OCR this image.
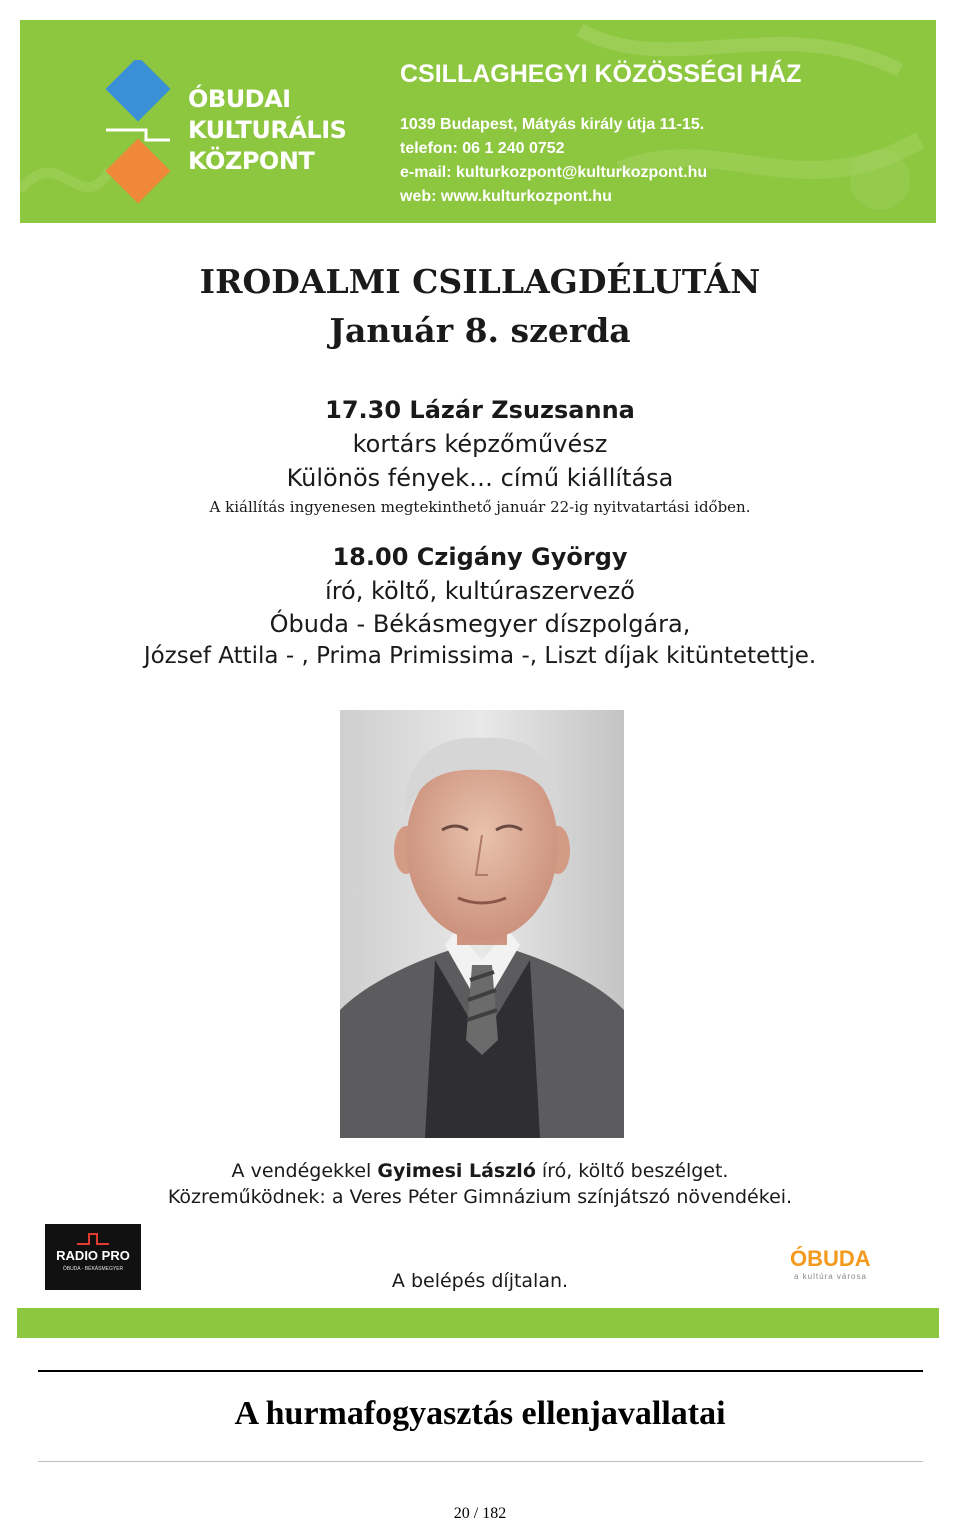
ÓBUDAI
KULTURÁLIS
KÖZPONT
CSILLAGHEGYI KÖZÖSSÉGI HÁZ
1039 Budapest, Mátyás király útja 11-15.
telefon: 06 1 240 0752
e-mail: kulturkozpont@kulturkozpont.hu
web: www.kulturkozpont.hu
IRODALMI CSILLAGDÉLUTÁN
Január 8. szerda
17.30 Lázár Zsuzsanna
kortárs képzőművész
Különös fények… című kiállítása
A kiállítás ingyenesen megtekinthető január 22-ig nyitvatartási időben.
18.00 Czigány György
író, költő, kultúraszervező
Óbuda - Békásmegyer díszpolgára,
József Attila - , Prima Primissima -, Liszt díjak kitüntetettje.
A vendégekkel Gyimesi László író, költő beszélget.
Közreműködnek: a Veres Péter Gimnázium színjátszó növendékei.
RADIO PRO
ÓBUDA - BÉKÁSMEGYER
A belépés díjtalan.
ÓBUDA
a kultúra városa
A hurmafogyasztás ellenjavallatai
20 / 182
